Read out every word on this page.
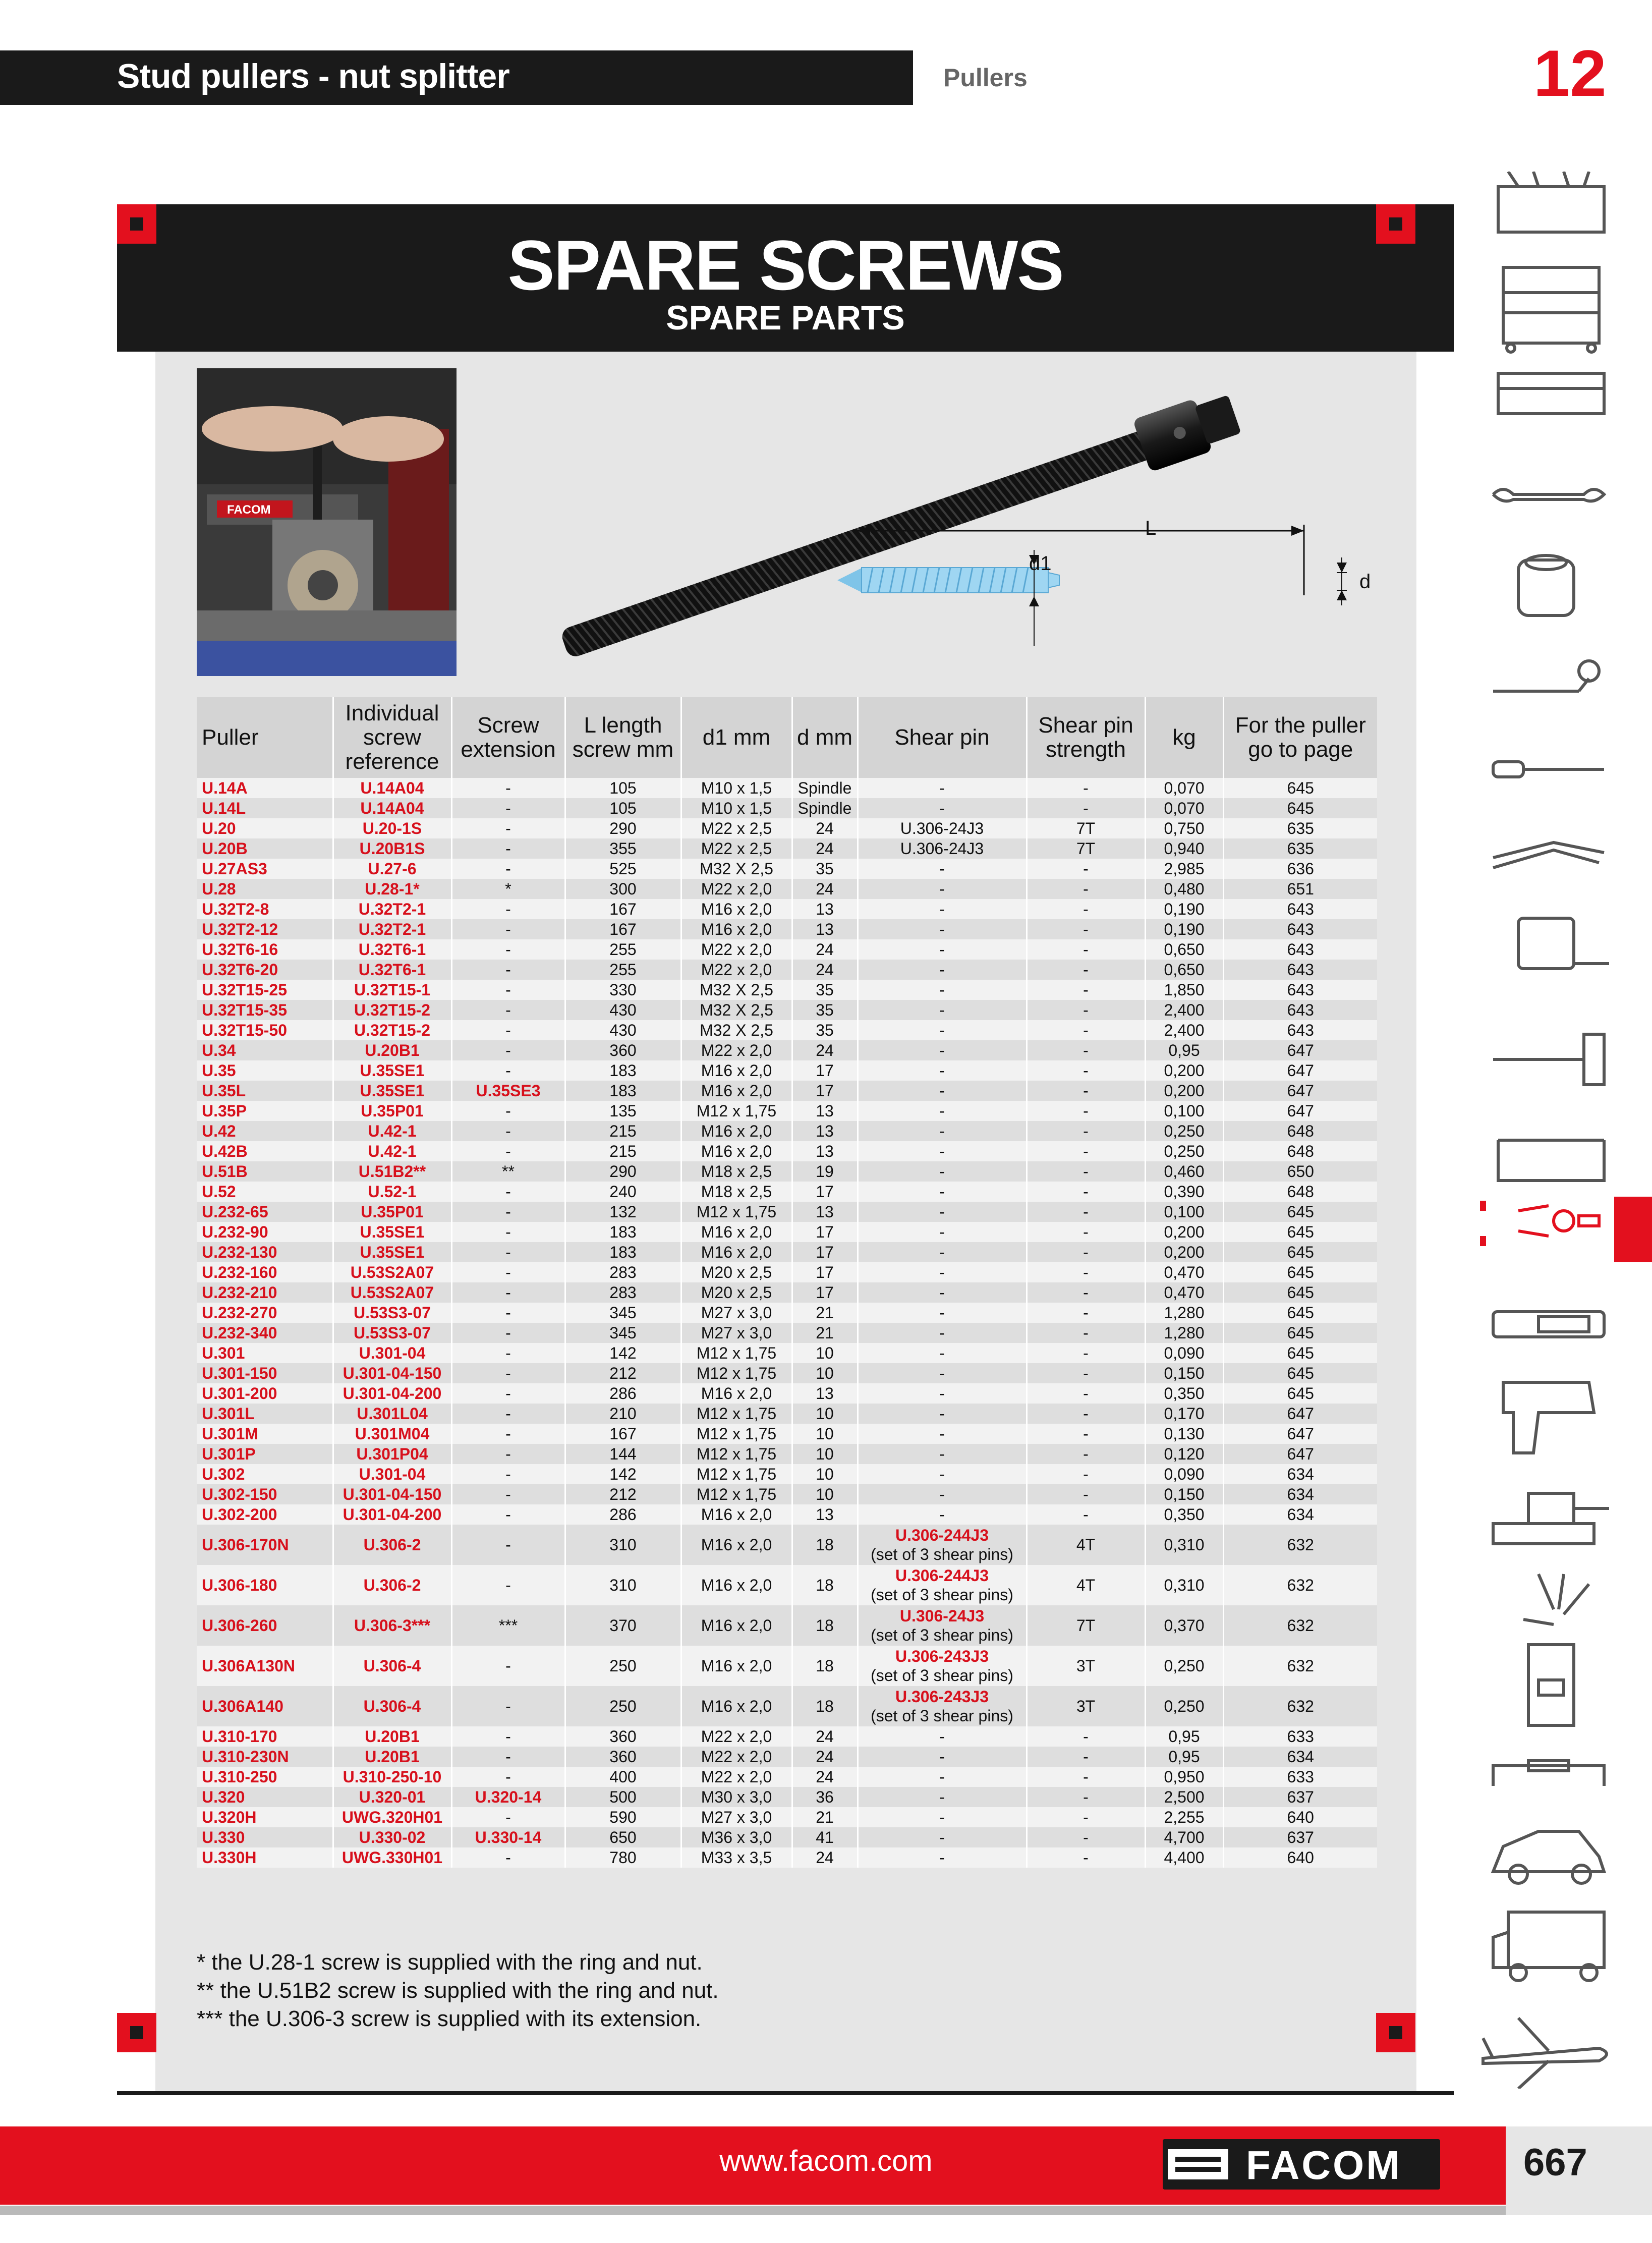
Stud pullers - nut splitter	Pullers	12
SPARE SCREWS
SPARE PARTS
FACOM
L
d1
d
Puller	Individual screw reference	Screw extension	L length screw mm	d1 mm	d mm	Shear pin	Shear pin strength	kg	For the puller go to page
U.14A	U.14A04	-	105	M10 x 1,5	Spindle	-	-	0,070	645
U.14L	U.14A04	-	105	M10 x 1,5	Spindle	-	-	0,070	645
U.20	U.20-1S	-	290	M22 x 2,5	24	U.306-24J3	7T	0,750	635
U.20B	U.20B1S	-	355	M22 x 2,5	24	U.306-24J3	7T	0,940	635
U.27AS3	U.27-6	-	525	M32 X 2,5	35	-	-	2,985	636
U.28	U.28-1*	*	300	M22 x 2,0	24	-	-	0,480	651
U.32T2-8	U.32T2-1	-	167	M16 x 2,0	13	-	-	0,190	643
U.32T2-12	U.32T2-1	-	167	M16 x 2,0	13	-	-	0,190	643
U.32T6-16	U.32T6-1	-	255	M22 x 2,0	24	-	-	0,650	643
U.32T6-20	U.32T6-1	-	255	M22 x 2,0	24	-	-	0,650	643
U.32T15-25	U.32T15-1	-	330	M32 X 2,5	35	-	-	1,850	643
U.32T15-35	U.32T15-2	-	430	M32 X 2,5	35	-	-	2,400	643
U.32T15-50	U.32T15-2	-	430	M32 X 2,5	35	-	-	2,400	643
U.34	U.20B1	-	360	M22 x 2,0	24	-	-	0,95	647
U.35	U.35SE1	-	183	M16 x 2,0	17	-	-	0,200	647
U.35L	U.35SE1	U.35SE3	183	M16 x 2,0	17	-	-	0,200	647
U.35P	U.35P01	-	135	M12 x 1,75	13	-	-	0,100	647
U.42	U.42-1	-	215	M16 x 2,0	13	-	-	0,250	648
U.42B	U.42-1	-	215	M16 x 2,0	13	-	-	0,250	648
U.51B	U.51B2**	**	290	M18 x 2,5	19	-	-	0,460	650
U.52	U.52-1	-	240	M18 x 2,5	17	-	-	0,390	648
U.232-65	U.35P01	-	132	M12 x 1,75	13	-	-	0,100	645
U.232-90	U.35SE1	-	183	M16 x 2,0	17	-	-	0,200	645
U.232-130	U.35SE1	-	183	M16 x 2,0	17	-	-	0,200	645
U.232-160	U.53S2A07	-	283	M20 x 2,5	17	-	-	0,470	645
U.232-210	U.53S2A07	-	283	M20 x 2,5	17	-	-	0,470	645
U.232-270	U.53S3-07	-	345	M27 x 3,0	21	-	-	1,280	645
U.232-340	U.53S3-07	-	345	M27 x 3,0	21	-	-	1,280	645
U.301	U.301-04	-	142	M12 x 1,75	10	-	-	0,090	645
U.301-150	U.301-04-150	-	212	M12 x 1,75	10	-	-	0,150	645
U.301-200	U.301-04-200	-	286	M16 x 2,0	13	-	-	0,350	645
U.301L	U.301L04	-	210	M12 x 1,75	10	-	-	0,170	647
U.301M	U.301M04	-	167	M12 x 1,75	10	-	-	0,130	647
U.301P	U.301P04	-	144	M12 x 1,75	10	-	-	0,120	647
U.302	U.301-04	-	142	M12 x 1,75	10	-	-	0,090	634
U.302-150	U.301-04-150	-	212	M12 x 1,75	10	-	-	0,150	634
U.302-200	U.301-04-200	-	286	M16 x 2,0	13	-	-	0,350	634
U.306-170N	U.306-2	-	310	M16 x 2,0	18	U.306-244J3
(set of 3 shear pins)	4T	0,310	632
U.306-180	U.306-2	-	310	M16 x 2,0	18	U.306-244J3
(set of 3 shear pins)	4T	0,310	632
U.306-260	U.306-3***	***	370	M16 x 2,0	18	U.306-24J3
(set of 3 shear pins)	7T	0,370	632
U.306A130N	U.306-4	-	250	M16 x 2,0	18	U.306-243J3
(set of 3 shear pins)	3T	0,250	632
U.306A140	U.306-4	-	250	M16 x 2,0	18	U.306-243J3
(set of 3 shear pins)	3T	0,250	632
U.310-170	U.20B1	-	360	M22 x 2,0	24	-	-	0,95	633
U.310-230N	U.20B1	-	360	M22 x 2,0	24	-	-	0,95	634
U.310-250	U.310-250-10	-	400	M22 x 2,0	24	-	-	0,950	633
U.320	U.320-01	U.320-14	500	M30 x 3,0	36	-	-	2,500	637
U.320H	UWG.320H01	-	590	M27 x 3,0	21	-	-	2,255	640
U.330	U.330-02	U.330-14	650	M36 x 3,0	41	-	-	4,700	637
U.330H	UWG.330H01	-	780	M33 x 3,5	24	-	-	4,400	640
* the U.28-1 screw is supplied with the ring and nut.
** the U.51B2 screw is supplied with the ring and nut.
*** the U.306-3 screw is supplied with its extension.
www.facom.com	FACOM	667
